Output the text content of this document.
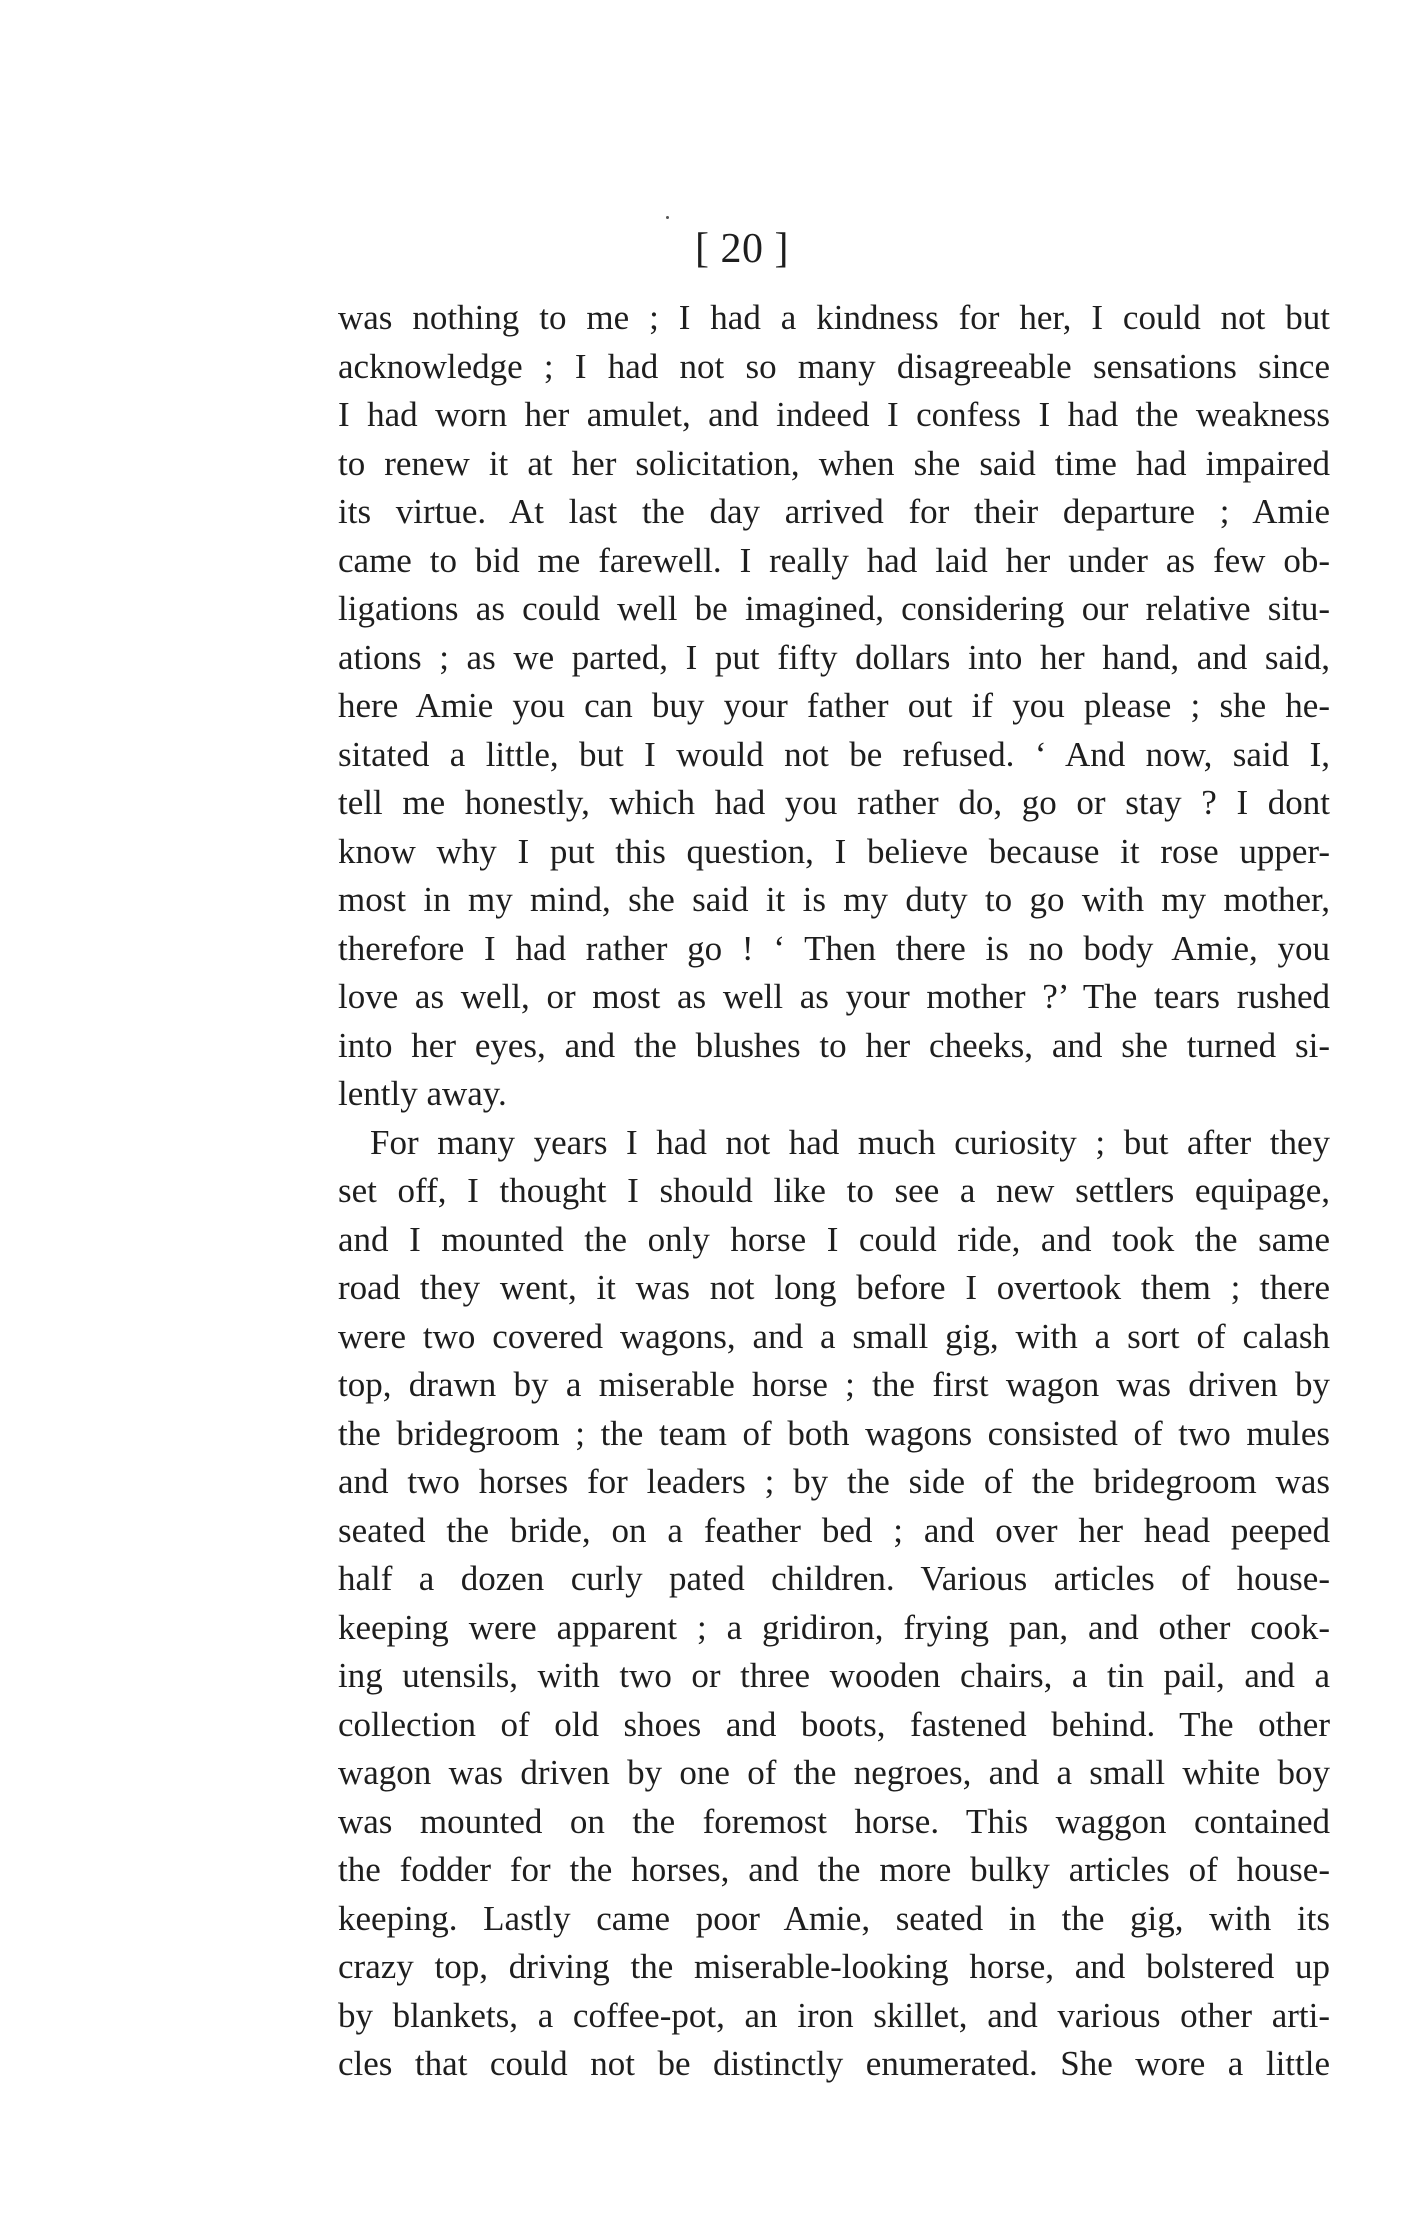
[ 20 ]
was nothing to me ; I had a kindness for her, I could not but
acknowledge ; I had not so many disagreeable sensations since
I had worn her amulet, and indeed I confess I had the weakness
to renew it at her solicitation, when she said time had impaired
its virtue. At last the day arrived for their departure ; Amie
came to bid me farewell. I really had laid her under as few ob-
ligations as could well be imagined, considering our relative situ-
ations ; as we parted, I put fifty dollars into her hand, and said,
here Amie you can buy your father out if you please ; she he-
sitated a little, but I would not be refused. ‘ And now, said I,
tell me honestly, which had you rather do, go or stay ? I dont
know why I put this question, I believe because it rose upper-
most in my mind, she said it is my duty to go with my mother,
therefore I had rather go ! ‘ Then there is no body Amie, you
love as well, or most as well as your mother ?’ The tears rushed
into her eyes, and the blushes to her cheeks, and she turned si-
lently away.
For many years I had not had much curiosity ; but after they
set off, I thought I should like to see a new settlers equipage,
and I mounted the only horse I could ride, and took the same
road they went, it was not long before I overtook them ; there
were two covered wagons, and a small gig, with a sort of calash
top, drawn by a miserable horse ; the first wagon was driven by
the bridegroom ; the team of both wagons consisted of two mules
and two horses for leaders ; by the side of the bridegroom was
seated the bride, on a feather bed ; and over her head peeped
half a dozen curly pated children. Various articles of house-
keeping were apparent ; a gridiron, frying pan, and other cook-
ing utensils, with two or three wooden chairs, a tin pail, and a
collection of old shoes and boots, fastened behind. The other
wagon was driven by one of the negroes, and a small white boy
was mounted on the foremost horse. This waggon contained
the fodder for the horses, and the more bulky articles of house-
keeping. Lastly came poor Amie, seated in the gig, with its
crazy top, driving the miserable-looking horse, and bolstered up
by blankets, a coffee-pot, an iron skillet, and various other arti-
cles that could not be distinctly enumerated. She wore a little
